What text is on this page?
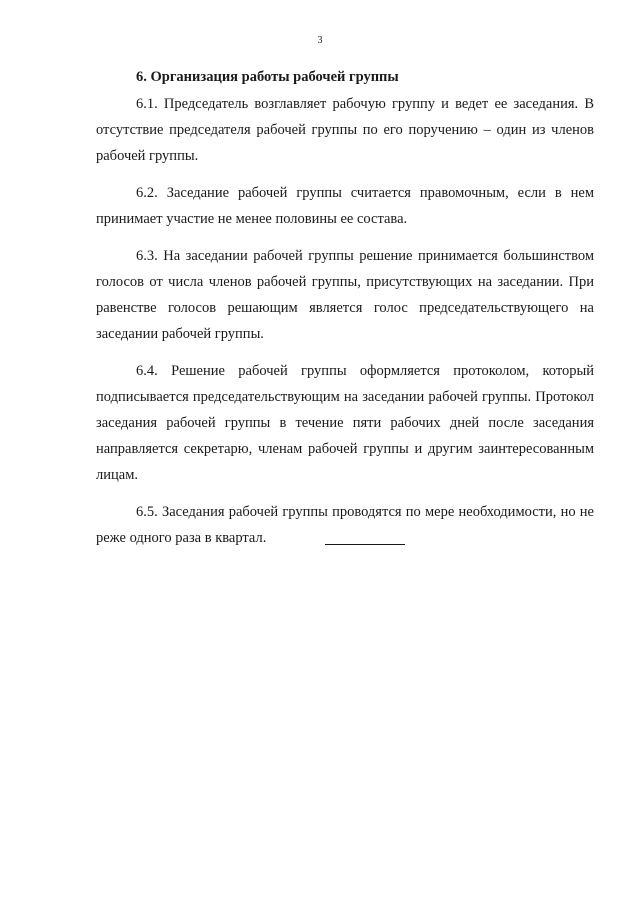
3
6. Организация работы рабочей группы

6.1. Председатель возглавляет рабочую группу и ведет ее заседания. В отсутствие председателя рабочей группы по его поручению – один из членов рабочей группы.

6.2. Заседание рабочей группы считается правомочным, если в нем принимает участие не менее половины ее состава.

6.3. На заседании рабочей группы решение принимается большинством голосов от числа членов рабочей группы, присутствующих на заседании. При равенстве голосов решающим является голос председательствующего на заседании рабочей группы.

6.4. Решение рабочей группы оформляется протоколом, который подписывается председательствующим на заседании рабочей группы. Протокол заседания рабочей группы в течение пяти рабочих дней после заседания направляется секретарю, членам рабочей группы и другим заинтересованным лицам.

6.5. Заседания рабочей группы проводятся по мере необходимости, но не реже одного раза в квартал.
